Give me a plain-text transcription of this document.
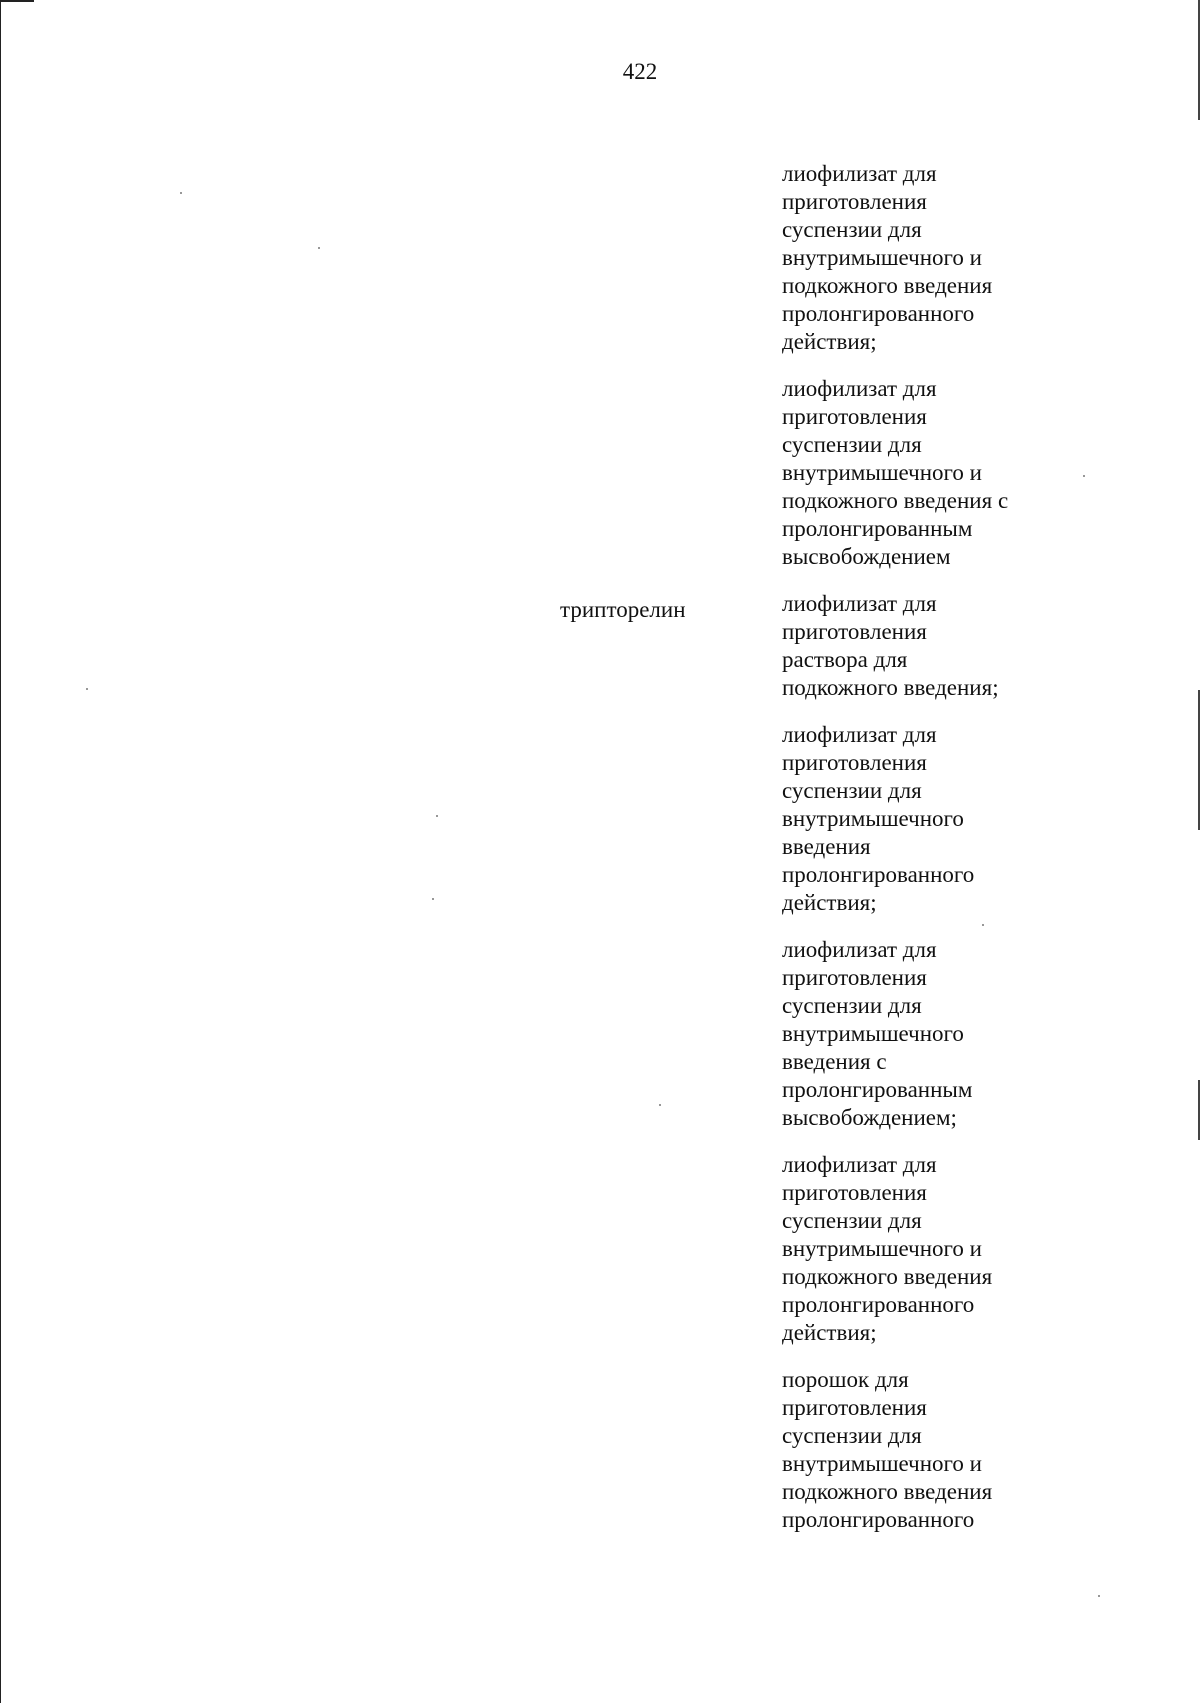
422
трипторелин

лиофилизат для
приготовления
суспензии для
внутримышечного и
подкожного введения
пролонгированного
действия;

лиофилизат для
приготовления
суспензии для
внутримышечного и
подкожного введения с
пролонгированным
высвобождением

лиофилизат для
приготовления
раствора для
подкожного введения;

лиофилизат для
приготовления
суспензии для
внутримышечного
введения
пролонгированного
действия;

лиофилизат для
приготовления
суспензии для
внутримышечного
введения с
пролонгированным
высвобождением;

лиофилизат для
приготовления
суспензии для
внутримышечного и
подкожного введения
пролонгированного
действия;

порошок для
приготовления
суспензии для
внутримышечного и
подкожного введения
пролонгированного
